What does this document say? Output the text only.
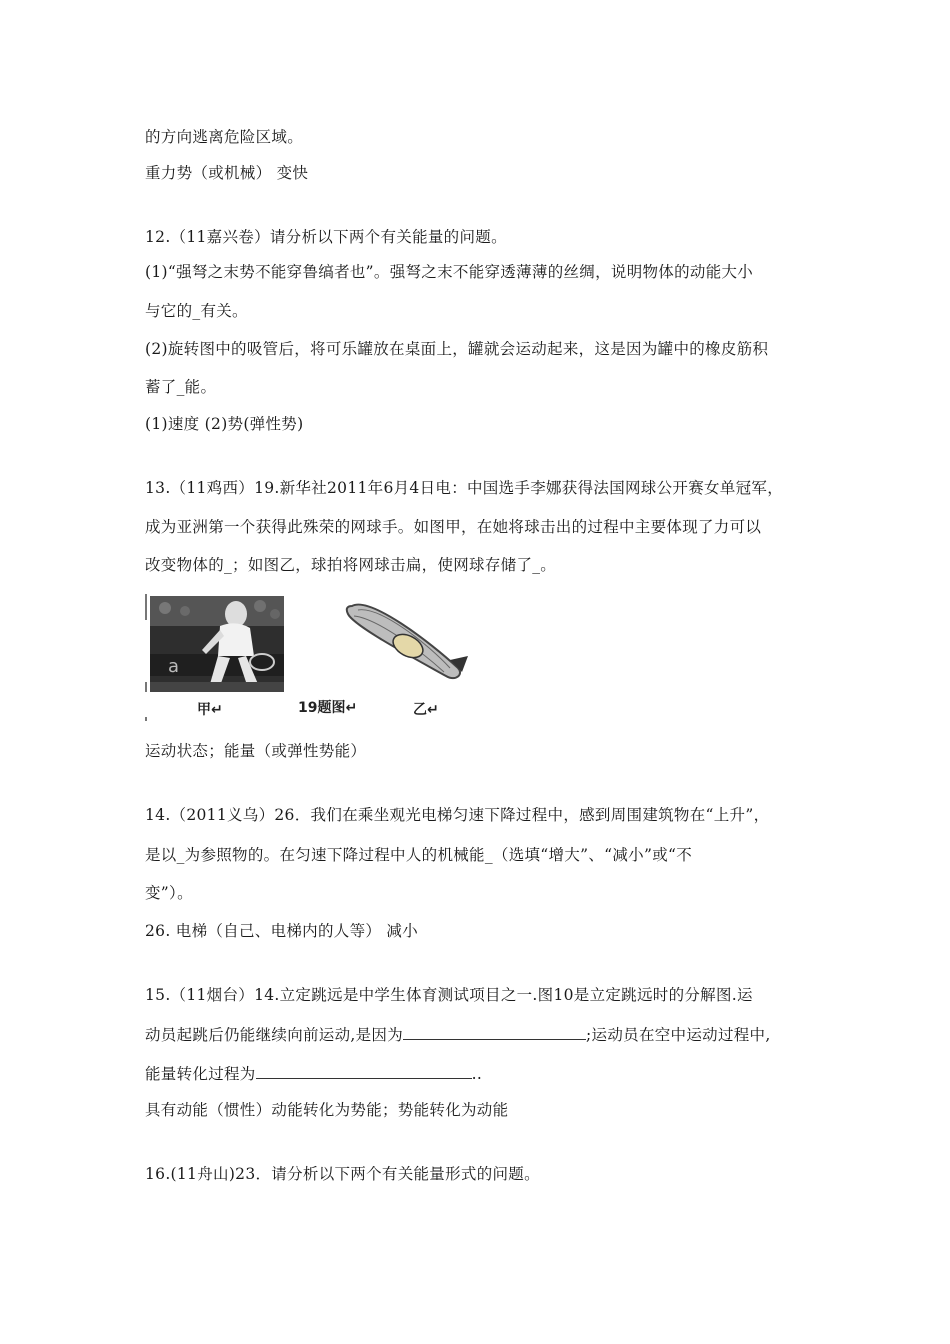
的方向逃离危险区域。
重力势（或机械） 变快
12.（11嘉兴卷）请分析以下两个有关能量的问题。
(1)“强弩之末势不能穿鲁缟者也”。强弩之末不能穿透薄薄的丝绸，说明物体的动能大小
与它的_有关。
(2)旋转图中的吸管后，将可乐罐放在桌面上，罐就会运动起来，这是因为罐中的橡皮筋积
蓄了_能。
(1)速度 (2)势(弹性势)
13.（11鸡西）19.新华社2011年6月4日电：中国选手李娜获得法国网球公开赛女单冠军，
成为亚洲第一个获得此殊荣的网球手。如图甲，在她将球击出的过程中主要体现了力可以
改变物体的_；如图乙，球拍将网球击扁，使网球存储了_。
a
甲↵	19题图↵	乙↵
运动状态；能量（或弹性势能）
14.（2011义乌）26．我们在乘坐观光电梯匀速下降过程中，感到周围建筑物在“上升”，
是以_为参照物的。在匀速下降过程中人的机械能_（选填“增大”、“减小”或“不
变”）。
26. 电梯（自己、电梯内的人等） 减小
15.（11烟台）14.立定跳远是中学生体育测试项目之一.图10是立定跳远时的分解图.运
动员起跳后仍能继续向前运动,是因为	;运动员在空中运动过程中,
能量转化过程为	..
具有动能（惯性）动能转化为势能；势能转化为动能
16.(11舟山)23．请分析以下两个有关能量形式的问题。
